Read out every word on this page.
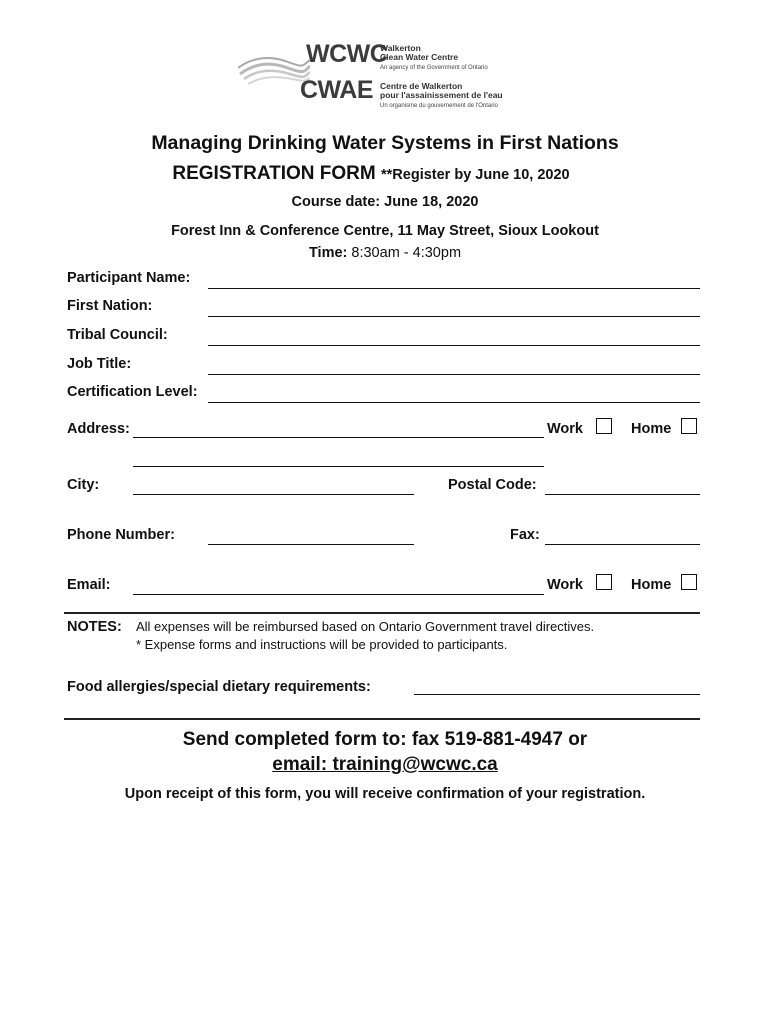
WCWC
CWAE
Walkerton
Clean Water Centre
An agency of the Government of Ontario
Centre de Walkerton
pour l'assainissement de l'eau
Un organisme du gouvernement de l'Ontario
Managing Drinking Water Systems in First Nations
REGISTRATION FORM **Register by June 10, 2020
Course date: June 18, 2020
Forest Inn & Conference Centre, 11 May Street, Sioux Lookout
Time: 8:30am - 4:30pm
Participant Name:
First Nation:
Tribal Council:
Job Title:
Certification Level:
Address:	Work	Home
City:	Postal Code:
Phone Number:	Fax:
Email:	Work	Home
NOTES: All expenses will be reimbursed based on Ontario Government travel directives.
* Expense forms and instructions will be provided to participants.
Food allergies/special dietary requirements:
Send completed form to: fax 519-881-4947 or
email: training@wcwc.ca
Upon receipt of this form, you will receive confirmation of your registration.
